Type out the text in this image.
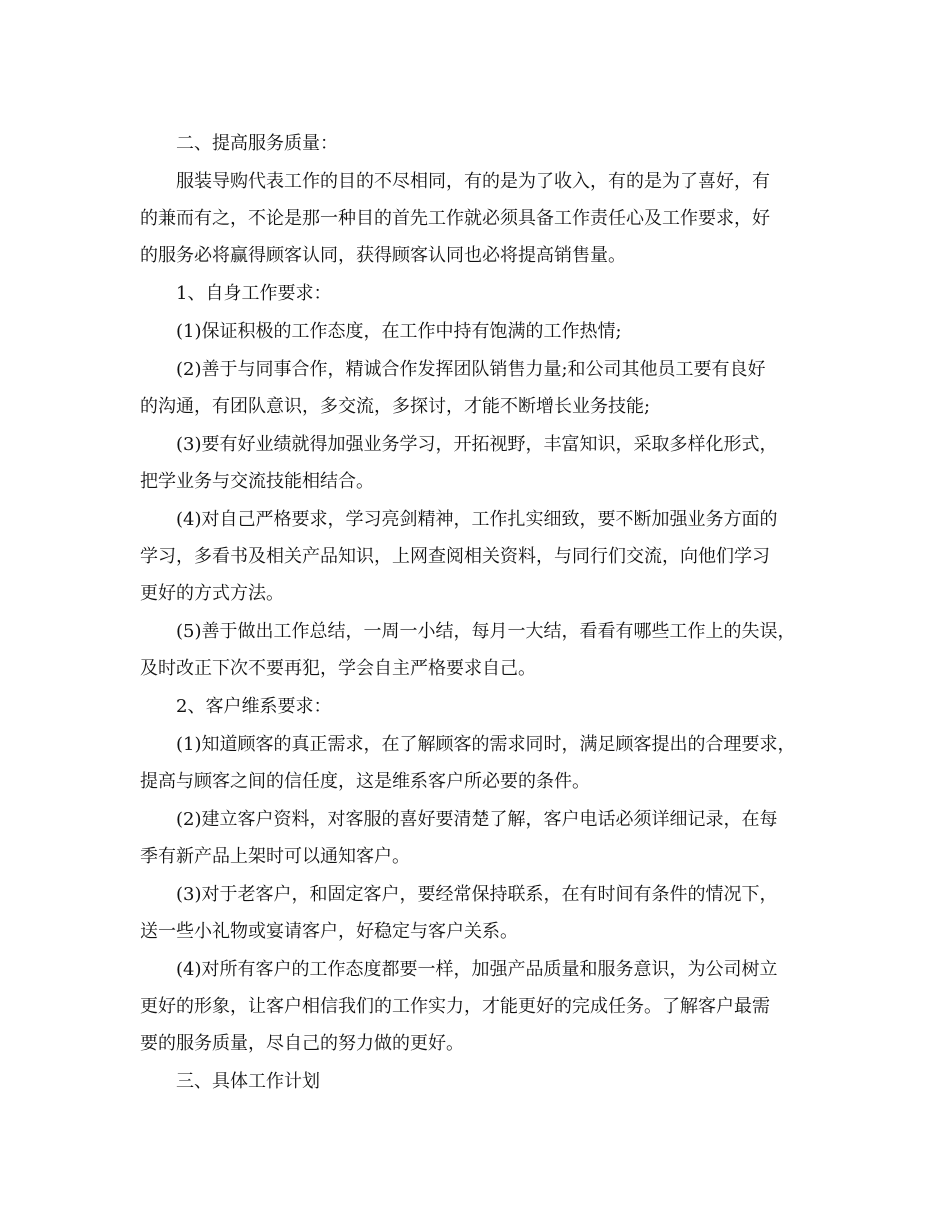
二、提高服务质量：
服装导购代表工作的目的不尽相同，有的是为了收入，有的是为了喜好，有
的兼而有之，不论是那一种目的首先工作就必须具备工作责任心及工作要求，好
的服务必将赢得顾客认同，获得顾客认同也必将提高销售量。
1、自身工作要求：
(1)保证积极的工作态度，在工作中持有饱满的工作热情;
(2)善于与同事合作，精诚合作发挥团队销售力量;和公司其他员工要有良好
的沟通，有团队意识，多交流，多探讨，才能不断增长业务技能;
(3)要有好业绩就得加强业务学习，开拓视野，丰富知识，采取多样化形式，
把学业务与交流技能相结合。
(4)对自己严格要求，学习亮剑精神，工作扎实细致，要不断加强业务方面的
学习，多看书及相关产品知识，上网查阅相关资料，与同行们交流，向他们学习
更好的方式方法。
(5)善于做出工作总结，一周一小结，每月一大结，看看有哪些工作上的失误，
及时改正下次不要再犯，学会自主严格要求自己。
2、客户维系要求：
(1)知道顾客的真正需求，在了解顾客的需求同时，满足顾客提出的合理要求，
提高与顾客之间的信任度，这是维系客户所必要的条件。
(2)建立客户资料，对客服的喜好要清楚了解，客户电话必须详细记录，在每
季有新产品上架时可以通知客户。
(3)对于老客户，和固定客户，要经常保持联系，在有时间有条件的情况下，
送一些小礼物或宴请客户，好稳定与客户关系。
(4)对所有客户的工作态度都要一样，加强产品质量和服务意识，为公司树立
更好的形象，让客户相信我们的工作实力，才能更好的完成任务。了解客户最需
要的服务质量，尽自己的努力做的更好。
三、具体工作计划
